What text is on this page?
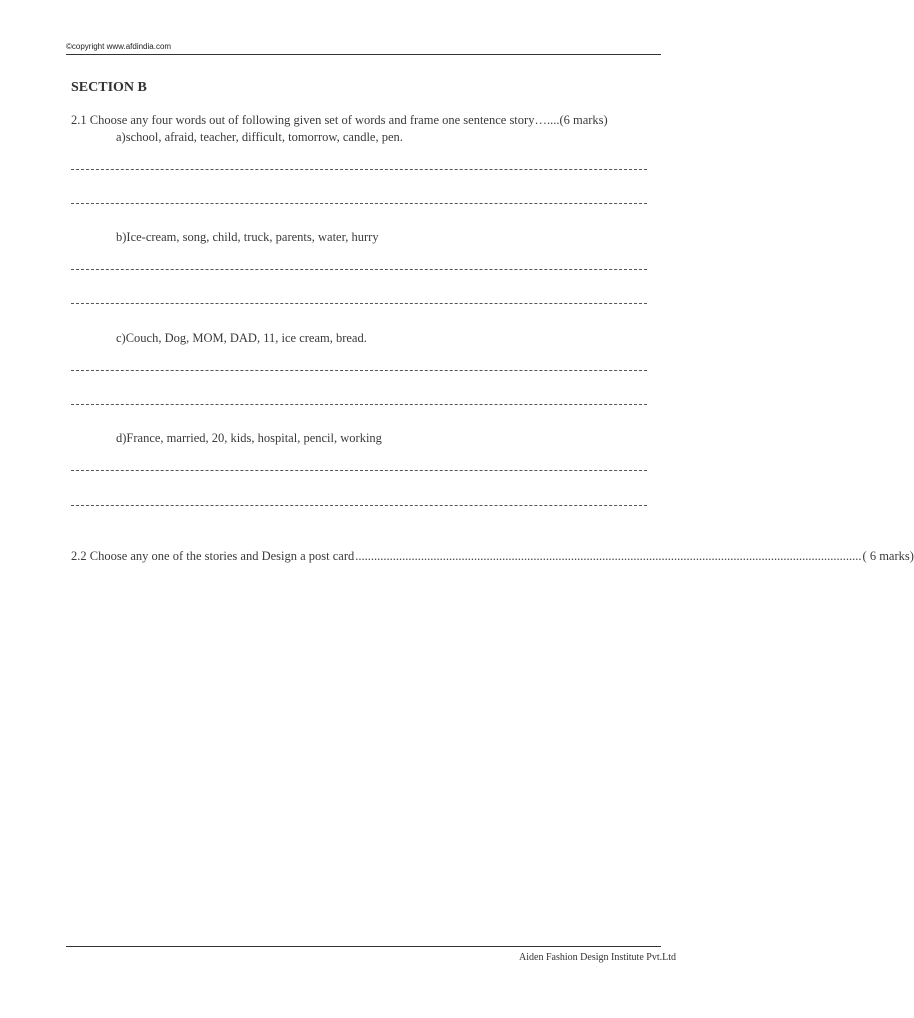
©copyright www.afdindia.com
SECTION B
2.1 Choose any four words out of following given set of words and frame one sentence story…....(6 marks)
a)school, afraid, teacher, difficult, tomorrow, candle, pen.
b)Ice-cream, song, child, truck, parents, water, hurry
c)Couch, Dog, MOM, DAD, 11, ice cream, bread.
d)France, married, 20, kids, hospital, pencil, working
2.2 Choose any one of the stories and Design a post card .................................................................................................................................................................. ( 6 marks)
Aiden Fashion Design Institute Pvt.Ltd
